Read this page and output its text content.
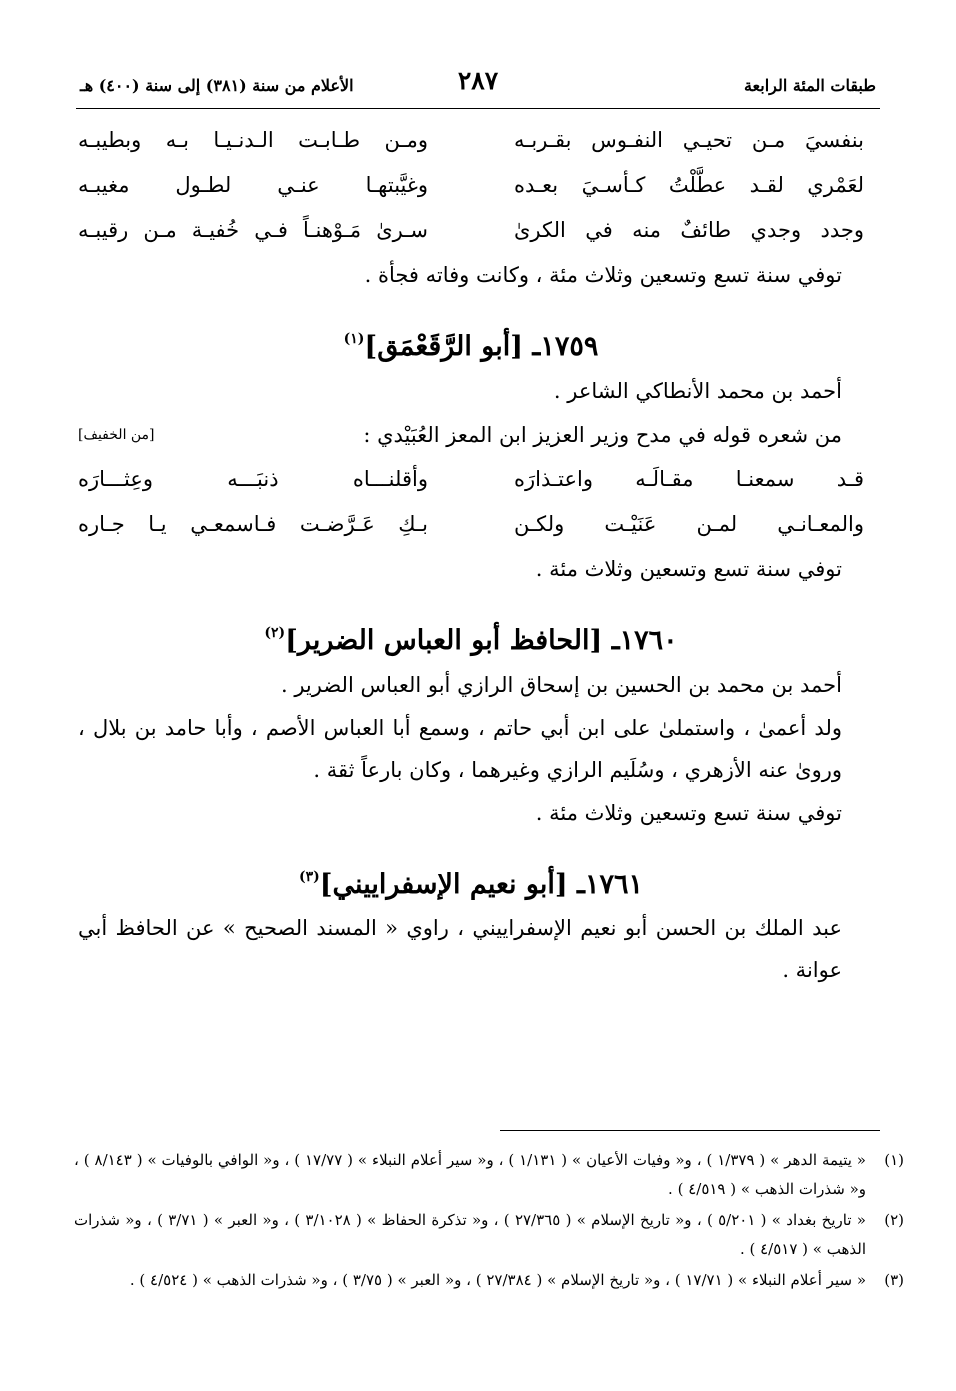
طبقات المئة الرابعة
٢٨٧
الأعلام من سنة (٣٨١) إلى سنة (٤٠٠) هـ
بنفسيَ مـن تحيـي النفـوس بقـربـه
ومـن طـابـت الـدنـيـا بـه وبطيبـه
لعَمْري لقـد عطَّلْتُ كـأسـيَ بعـده
وغيَّبتهـا عنـي لطـول مغيبـه
وجدد وجدي طائفٌ منه في الكرىٰ
سـرىٰ مَـوْهنـاً فـي خُفيـة مـن رقيبـه

توفي سنة تسع وتسعين وثلاث مئة ، وكانت وفاته فجأة .

١٧٥٩ـ [أبو الرَّقَعْمَق]$^{(١)}$

أحمد بن محمد الأنطاكي الشاعر .

من شعره قوله في مدح وزير العزيز ابن المعز العُبَيْدي :
[من الخفيف]
قـد سمعنـا مقـالَـه واعتـذارَه
وأقلنـــاه ذنبَـــه وعِثـــارَه
والمعـانـي لمـن عَنَيْـت ولكـن
بـكِ عَـرَّضـت فـاسمعـي يـا جـاره

توفي سنة تسع وتسعين وثلاث مئة .

١٧٦٠ـ [الحافظ أبو العباس الضرير]$^{(٢)}$

أحمد بن محمد بن الحسين بن إسحاق الرازي أبو العباس الضرير .

ولد أعمىٰ ، واستملىٰ على ابن أبي حاتم ، وسمع أبا العباس الأصم ، وأبا حامد بن بلال ، وروىٰ عنه الأزهري ، وسُلَيم الرازي وغيرهما ، وكان بارعاً ثقة .

توفي سنة تسع وتسعين وثلاث مئة .

١٧٦١ـ [أبو نعيم الإسفراييني]$^{(٣)}$

عبد الملك بن الحسن أبو نعيم الإسفراييني ، راوي « المسند الصحيح » عن الحافظ أبي عوانة .

(١)
« يتيمة الدهر » ( ١/٣٧٩ ) ، و« وفيات الأعيان » ( ١/١٣١ ) ، و« سير أعلام النبلاء » ( ١٧/٧٧ ) ، و« الوافي بالوفيات » ( ٨/١٤٣ ) ، و« شذرات الذهب » ( ٤/٥١٩ ) .
(٢)
« تاريخ بغداد » ( ٥/٢٠١ ) ، و« تاريخ الإسلام » ( ٢٧/٣٦٥ ) ، و« تذكرة الحفاظ » ( ٣/١٠٢٨ ) ، و« العبر » ( ٣/٧١ ) ، و« شذرات الذهب » ( ٤/٥١٧ ) .
(٣)
« سير أعلام النبلاء » ( ١٧/٧١ ) ، و« تاريخ الإسلام » ( ٢٧/٣٨٤ ) ، و« العبر » ( ٣/٧٥ ) ، و« شذرات الذهب » ( ٤/٥٢٤ ) .
